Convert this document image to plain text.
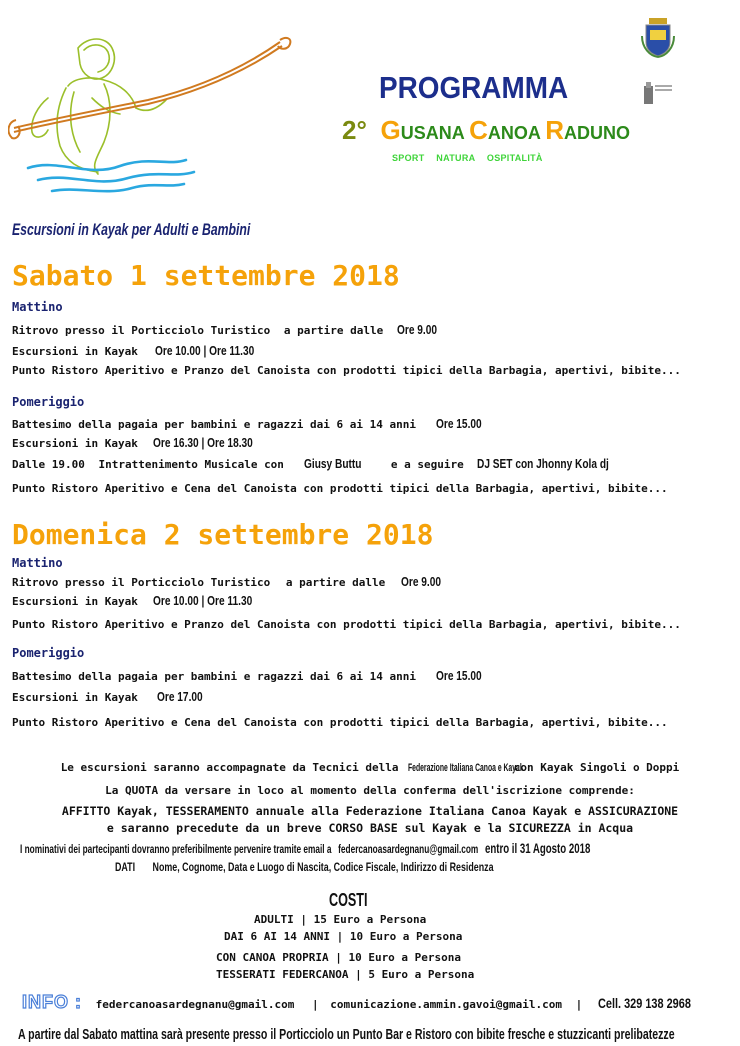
PROGRAMMA
2° GUSANA CANOA RADUNO
SPORT NATURA OSPITALITÀ
Escursioni in Kayak per Adulti e Bambini
Sabato 1 settembre 2018
Mattino
Ritrovo presso il Porticciolo Turistico a partire dalle Ore 9.00
Escursioni in Kayak Ore 10.00 | Ore 11.30
Punto Ristoro Aperitivo e Pranzo del Canoista con prodotti tipici della Barbagia, apertivi, bibite...
Pomeriggio
Battesimo della pagaia per bambini e ragazzi dai 6 ai 14 anni Ore 15.00
Escursioni in Kayak Ore 16.30 | Ore 18.30
Dalle 19.00 Intrattenimento Musicale con Giusy Buttu	e a seguire DJ SET con Jhonny Kola dj
Punto Ristoro Aperitivo e Cena del Canoista con prodotti tipici della Barbagia, apertivi, bibite...
Domenica 2 settembre 2018
Mattino
Ritrovo presso il Porticciolo Turistico a partire dalle Ore 9.00
Escursioni in Kayak Ore 10.00 | Ore 11.30
Punto Ristoro Aperitivo e Pranzo del Canoista con prodotti tipici della Barbagia, apertivi, bibite...
Pomeriggio
Battesimo della pagaia per bambini e ragazzi dai 6 ai 14 anni Ore 15.00
Escursioni in Kayak Ore 17.00
Punto Ristoro Aperitivo e Cena del Canoista con prodotti tipici della Barbagia, apertivi, bibite...
Le escursioni saranno accompagnate da Tecnici della Federazione Italiana Canoa e Kayak con Kayak Singoli o Doppi
La QUOTA da versare in loco al momento della conferma dell'iscrizione comprende:
AFFITTO Kayak, TESSERAMENTO annuale alla Federazione Italiana Canoa Kayak e ASSICURAZIONE
e saranno precedute da un breve CORSO BASE sul Kayak e la SICUREZZA in Acqua
I nominativi dei partecipanti dovranno preferibilmente pervenire tramite email a federcanoasardegnanu@gmail.com entro il 31 Agosto 2018
DATI Nome, Cognome, Data e Luogo di Nascita, Codice Fiscale, Indirizzo di Residenza
COSTI
ADULTI | 15 Euro a Persona
DAI 6 AI 14 ANNI | 10 Euro a Persona
CON CANOA PROPRIA | 10 Euro a Persona
TESSERATI FEDERCANOA | 5 Euro a Persona
INFO : federcanoasardegnanu@gmail.com | comunicazione.ammin.gavoi@gmail.com | Cell. 329 138 2968
A partire dal Sabato mattina sarà presente presso il Porticciolo un Punto Bar e Ristoro con bibite fresche e stuzzicanti prelibatezze
